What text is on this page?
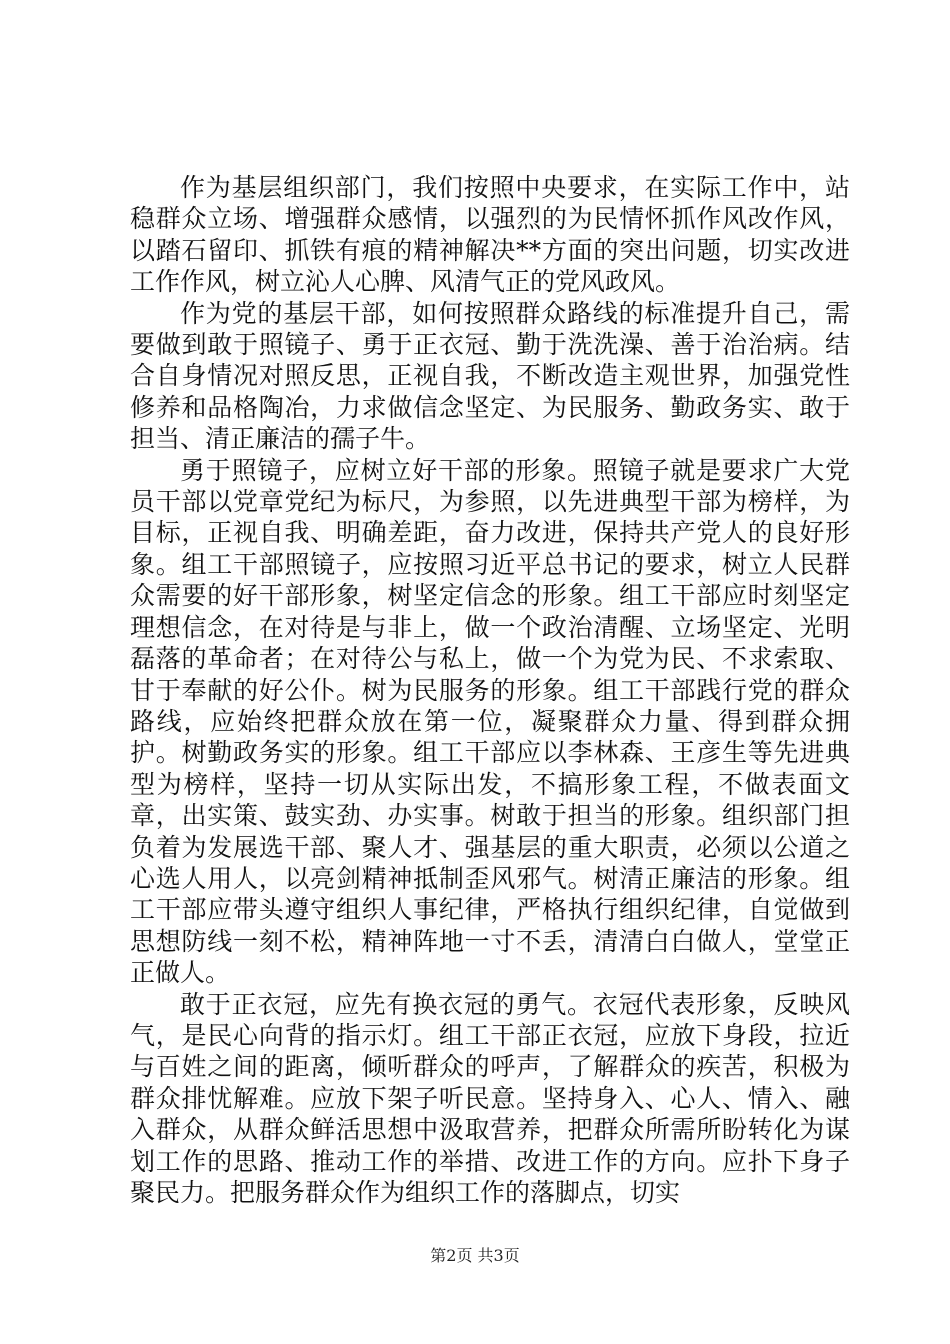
作为基层组织部门，我们按照中央要求，在实际工作中，站稳群众立场、增强群众感情，以强烈的为民情怀抓作风改作风，以踏石留印、抓铁有痕的精神解决**方面的突出问题，切实改进工作作风，树立沁人心脾、风清气正的党风政风。

作为党的基层干部，如何按照群众路线的标准提升自己，需要做到敢于照镜子、勇于正衣冠、勤于洗洗澡、善于治治病。结合自身情况对照反思，正视自我，不断改造主观世界，加强党性修养和品格陶冶，力求做信念坚定、为民服务、勤政务实、敢于担当、清正廉洁的孺子牛。

勇于照镜子，应树立好干部的形象。照镜子就是要求广大党员干部以党章党纪为标尺，为参照，以先进典型干部为榜样，为目标，正视自我、明确差距，奋力改进，保持共产党人的良好形象。组工干部照镜子，应按照习近平总书记的要求，树立人民群众需要的好干部形象，树坚定信念的形象。组工干部应时刻坚定理想信念，在对待是与非上，做一个政治清醒、立场坚定、光明磊落的革命者；在对待公与私上，做一个为党为民、不求索取、甘于奉献的好公仆。树为民服务的形象。组工干部践行党的群众路线，应始终把群众放在第一位，凝聚群众力量、得到群众拥护。树勤政务实的形象。组工干部应以李林森、王彦生等先进典型为榜样，坚持一切从实际出发，不搞形象工程，不做表面文章，出实策、鼓实劲、办实事。树敢于担当的形象。组织部门担负着为发展选干部、聚人才、强基层的重大职责，必须以公道之心选人用人，以亮剑精神抵制歪风邪气。树清正廉洁的形象。组工干部应带头遵守组织人事纪律，严格执行组织纪律，自觉做到思想防线一刻不松，精神阵地一寸不丢，清清白白做人，堂堂正正做人。

敢于正衣冠，应先有换衣冠的勇气。衣冠代表形象，反映风气，是民心向背的指示灯。组工干部正衣冠，应放下身段，拉近与百姓之间的距离，倾听群众的呼声，了解群众的疾苦，积极为群众排忧解难。应放下架子听民意。坚持身入、心人、情入、融入群众，从群众鲜活思想中汲取营养，把群众所需所盼转化为谋划工作的思路、推动工作的举措、改进工作的方向。应扑下身子聚民力。把服务群众作为组织工作的落脚点，切实

第2页 共3页
